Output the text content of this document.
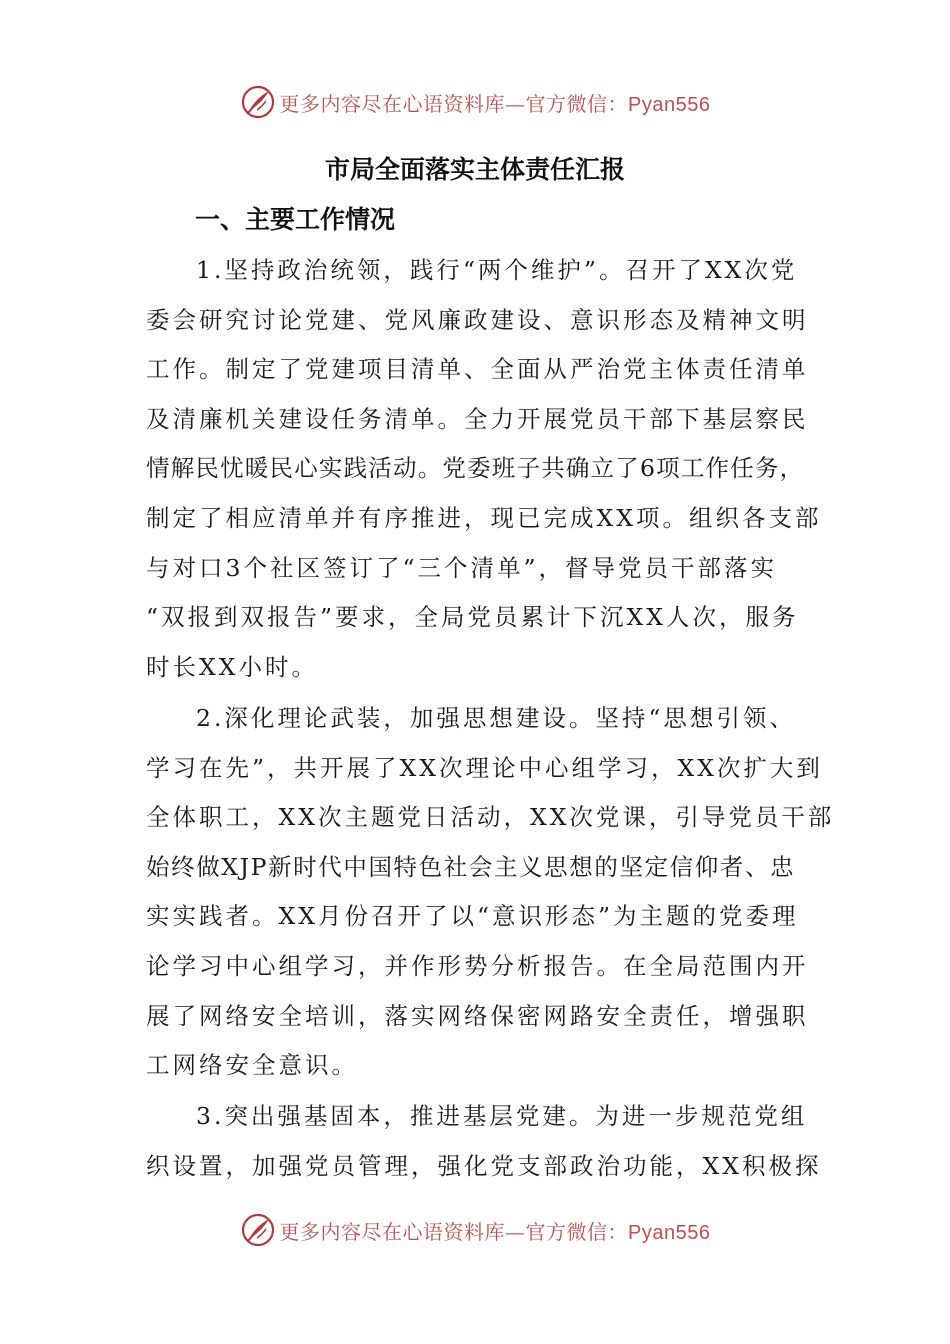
更多内容尽在心语资料库—官方微信：Pyan556
市局全面落实主体责任汇报
一、主要工作情况
1.坚持政治统领，践行“两个维护”。召开了XX次党
委会研究讨论党建、党风廉政建设、意识形态及精神文明
工作。制定了党建项目清单、全面从严治党主体责任清单
及清廉机关建设任务清单。全力开展党员干部下基层察民
情解民忧暖民心实践活动。党委班子共确立了6项工作任务，
制定了相应清单并有序推进，现已完成XX项。组织各支部
与对口3个社区签订了“三个清单”，督导党员干部落实
“双报到双报告”要求，全局党员累计下沉XX人次，服务
时长XX小时。
2.深化理论武装，加强思想建设。坚持“思想引领、
学习在先”，共开展了XX次理论中心组学习，XX次扩大到
全体职工，XX次主题党日活动，XX次党课，引导党员干部
始终做XJP新时代中国特色社会主义思想的坚定信仰者、忠
实实践者。XX月份召开了以“意识形态”为主题的党委理
论学习中心组学习，并作形势分析报告。在全局范围内开
展了网络安全培训，落实网络保密网路安全责任，增强职
工网络安全意识。
3.突出强基固本，推进基层党建。为进一步规范党组
织设置，加强党员管理，强化党支部政治功能，XX积极探
更多内容尽在心语资料库—官方微信：Pyan556
